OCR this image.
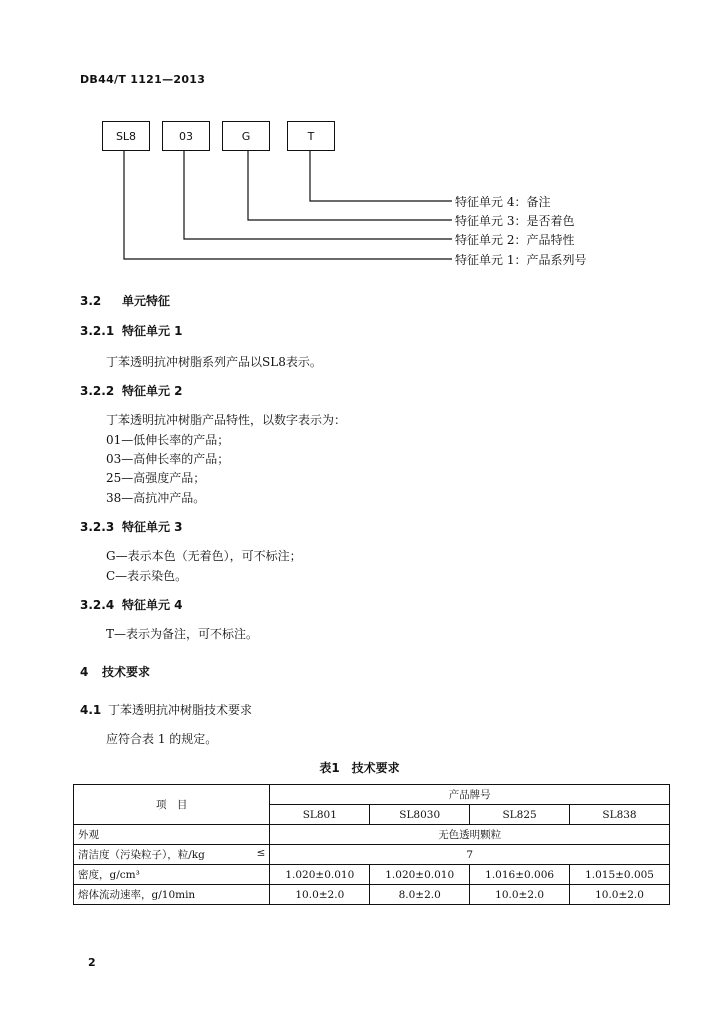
DB44/T 1121—2013
SL8	03	G	T
特征单元 4：备注
特征单元 3：是否着色
特征单元 2：产品特性
特征单元 1：产品系列号
3.2 单元特征
3.2.1 特征单元 1
丁苯透明抗冲树脂系列产品以SL8表示。
3.2.2 特征单元 2
丁苯透明抗冲树脂产品特性，以数字表示为：
01—低伸长率的产品；
03—高伸长率的产品；
25—高强度产品；
38—高抗冲产品。
3.2.3 特征单元 3
G—表示本色（无着色），可不标注；
C—表示染色。
3.2.4 特征单元 4
T—表示为备注，可不标注。
4 技术要求
4.1 丁苯透明抗冲树脂技术要求
应符合表 1 的规定。
表1　技术要求
项　目	产品牌号			
	SL801	SL8030	SL825	SL838
外观	无色透明颗粒			
清洁度（污染粒子），粒/kg ≤	7			
密度，g/cm³	1.020±0.010	1.020±0.010	1.016±0.006	1.015±0.005
熔体流动速率，g/10min	10.0±2.0	8.0±2.0	10.0±2.0	10.0±2.0
2
